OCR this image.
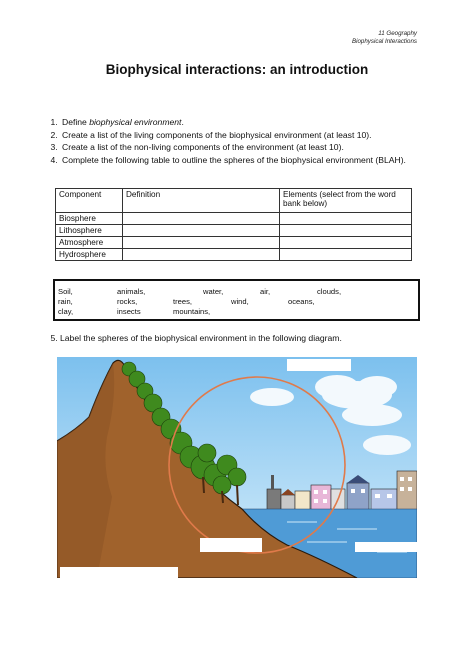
11 Geography
Biophysical Interactions
Biophysical interactions: an introduction
1. Define biophysical environment.
2. Create a list of the living components of the biophysical environment (at least 10).
3. Create a list of the non-living components of the environment (at least 10).
4. Complete the following table to outline the spheres of the biophysical environment (BLAH).
Component	Definition	Elements (select from the word bank below)
Biosphere		
Lithosphere		
Atmosphere		
Hydrosphere		
Soil,	animals,	water,	air,	clouds,
rain,	rocks,	trees,	wind,	oceans,
clay,	insects	mountains,
5. Label the spheres of the biophysical environment in the following diagram.
